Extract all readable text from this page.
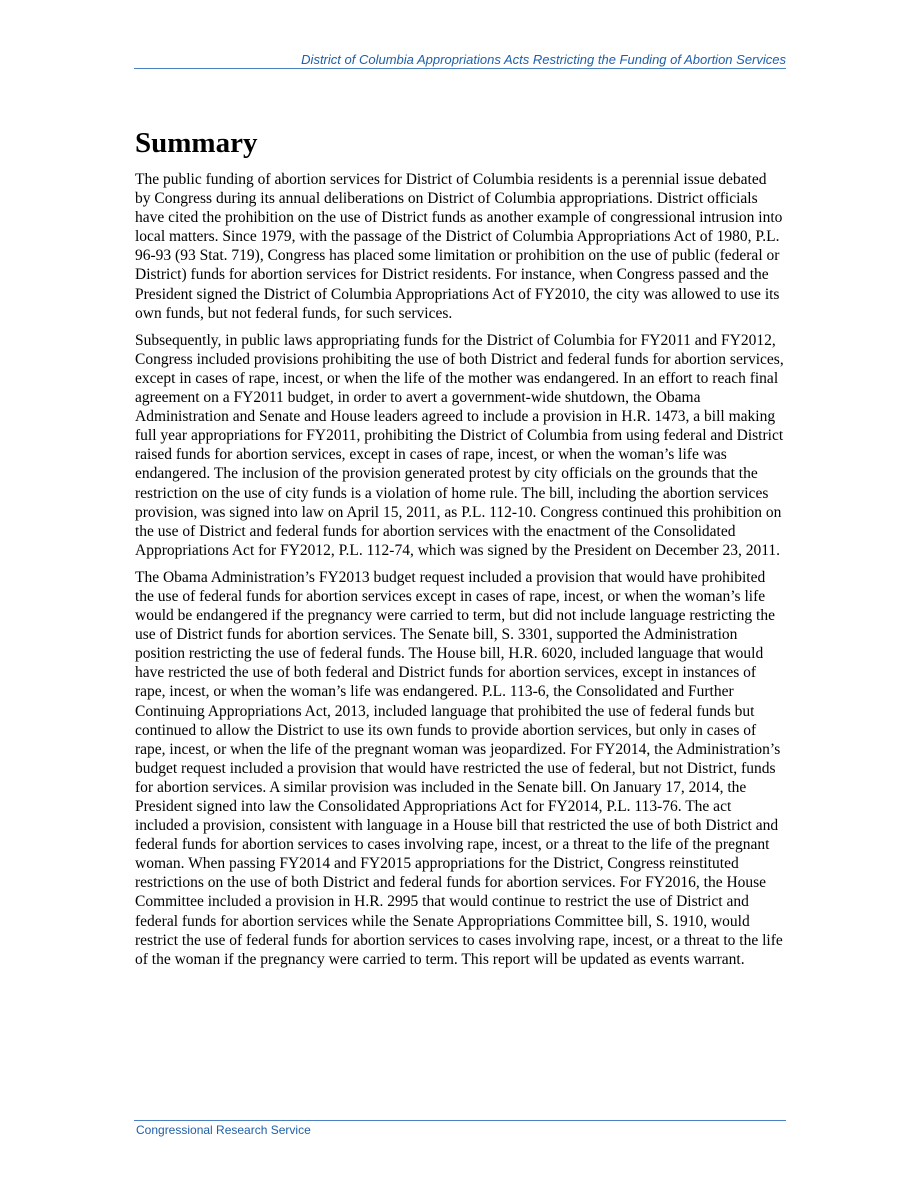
District of Columbia Appropriations Acts Restricting the Funding of Abortion Services
Summary

The public funding of abortion services for District of Columbia residents is a perennial issue debated by Congress during its annual deliberations on District of Columbia appropriations. District officials have cited the prohibition on the use of District funds as another example of congressional intrusion into local matters. Since 1979, with the passage of the District of Columbia Appropriations Act of 1980, P.L. 96-93 (93 Stat. 719), Congress has placed some limitation or prohibition on the use of public (federal or District) funds for abortion services for District residents. For instance, when Congress passed and the President signed the District of Columbia Appropriations Act of FY2010, the city was allowed to use its own funds, but not federal funds, for such services.

Subsequently, in public laws appropriating funds for the District of Columbia for FY2011 and FY2012, Congress included provisions prohibiting the use of both District and federal funds for abortion services, except in cases of rape, incest, or when the life of the mother was endangered. In an effort to reach final agreement on a FY2011 budget, in order to avert a government-wide shutdown, the Obama Administration and Senate and House leaders agreed to include a provision in H.R. 1473, a bill making full year appropriations for FY2011, prohibiting the District of Columbia from using federal and District raised funds for abortion services, except in cases of rape, incest, or when the woman’s life was endangered. The inclusion of the provision generated protest by city officials on the grounds that the restriction on the use of city funds is a violation of home rule. The bill, including the abortion services provision, was signed into law on April 15, 2011, as P.L. 112-10. Congress continued this prohibition on the use of District and federal funds for abortion services with the enactment of the Consolidated Appropriations Act for FY2012, P.L. 112-74, which was signed by the President on December 23, 2011.

The Obama Administration’s FY2013 budget request included a provision that would have prohibited the use of federal funds for abortion services except in cases of rape, incest, or when the woman’s life would be endangered if the pregnancy were carried to term, but did not include language restricting the use of District funds for abortion services. The Senate bill, S. 3301, supported the Administration position restricting the use of federal funds. The House bill, H.R. 6020, included language that would have restricted the use of both federal and District funds for abortion services, except in instances of rape, incest, or when the woman’s life was endangered. P.L. 113-6, the Consolidated and Further Continuing Appropriations Act, 2013, included language that prohibited the use of federal funds but continued to allow the District to use its own funds to provide abortion services, but only in cases of rape, incest, or when the life of the pregnant woman was jeopardized. For FY2014, the Administration’s budget request included a provision that would have restricted the use of federal, but not District, funds for abortion services. A similar provision was included in the Senate bill. On January 17, 2014, the President signed into law the Consolidated Appropriations Act for FY2014, P.L. 113-76. The act included a provision, consistent with language in a House bill that restricted the use of both District and federal funds for abortion services to cases involving rape, incest, or a threat to the life of the pregnant woman. When passing FY2014 and FY2015 appropriations for the District, Congress reinstituted restrictions on the use of both District and federal funds for abortion services. For FY2016, the House Committee included a provision in H.R. 2995 that would continue to restrict the use of District and federal funds for abortion services while the Senate Appropriations Committee bill, S. 1910, would restrict the use of federal funds for abortion services to cases involving rape, incest, or a threat to the life of the woman if the pregnancy were carried to term. This report will be updated as events warrant.

Congressional Research Service
